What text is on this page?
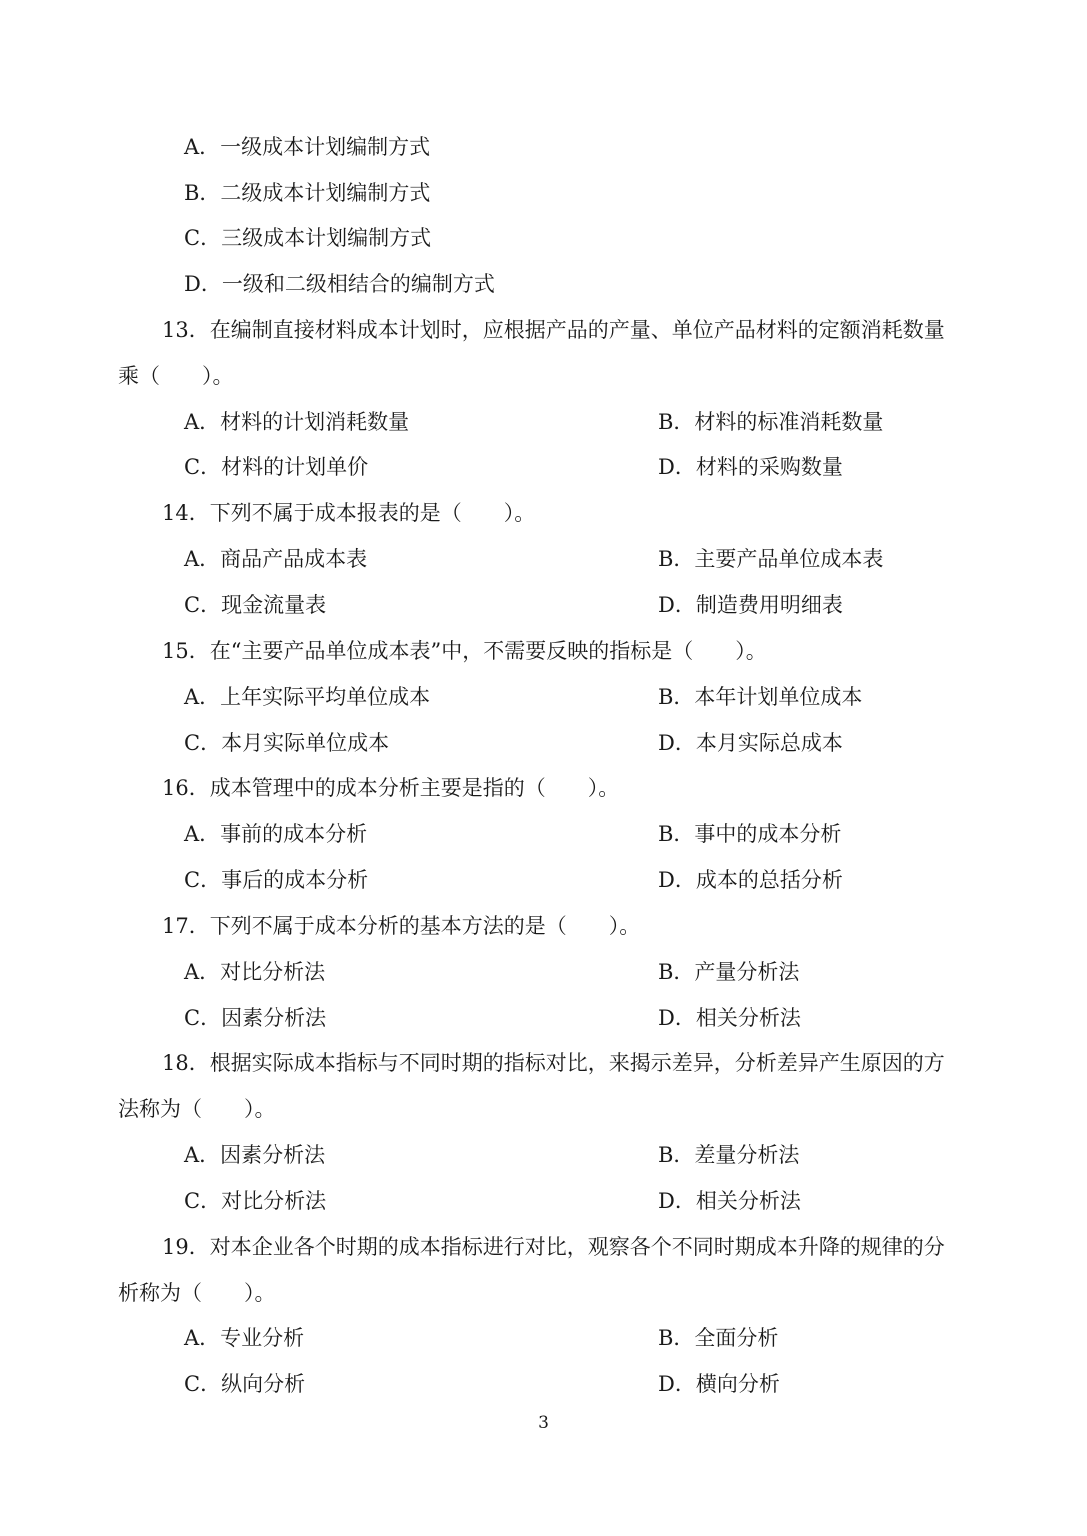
A．一级成本计划编制方式
B．二级成本计划编制方式
C．三级成本计划编制方式
D．一级和二级相结合的编制方式
13．在编制直接材料成本计划时，应根据产品的产量、单位产品材料的定额消耗数量
乘（　　）。
A．材料的计划消耗数量	B．材料的标准消耗数量
C．材料的计划单价	D．材料的采购数量
14．下列不属于成本报表的是（　　）。
A．商品产品成本表	B．主要产品单位成本表
C．现金流量表	D．制造费用明细表
15．在“主要产品单位成本表”中，不需要反映的指标是（　　）。
A．上年实际平均单位成本	B．本年计划单位成本
C．本月实际单位成本	D．本月实际总成本
16．成本管理中的成本分析主要是指的（　　）。
A．事前的成本分析	B．事中的成本分析
C．事后的成本分析	D．成本的总括分析
17．下列不属于成本分析的基本方法的是（　　）。
A．对比分析法	B．产量分析法
C．因素分析法	D．相关分析法
18．根据实际成本指标与不同时期的指标对比，来揭示差异，分析差异产生原因的方
法称为（　　）。
A．因素分析法	B．差量分析法
C．对比分析法	D．相关分析法
19．对本企业各个时期的成本指标进行对比，观察各个不同时期成本升降的规律的分
析称为（　　）。
A．专业分析	B．全面分析
C．纵向分析	D．横向分析
3
